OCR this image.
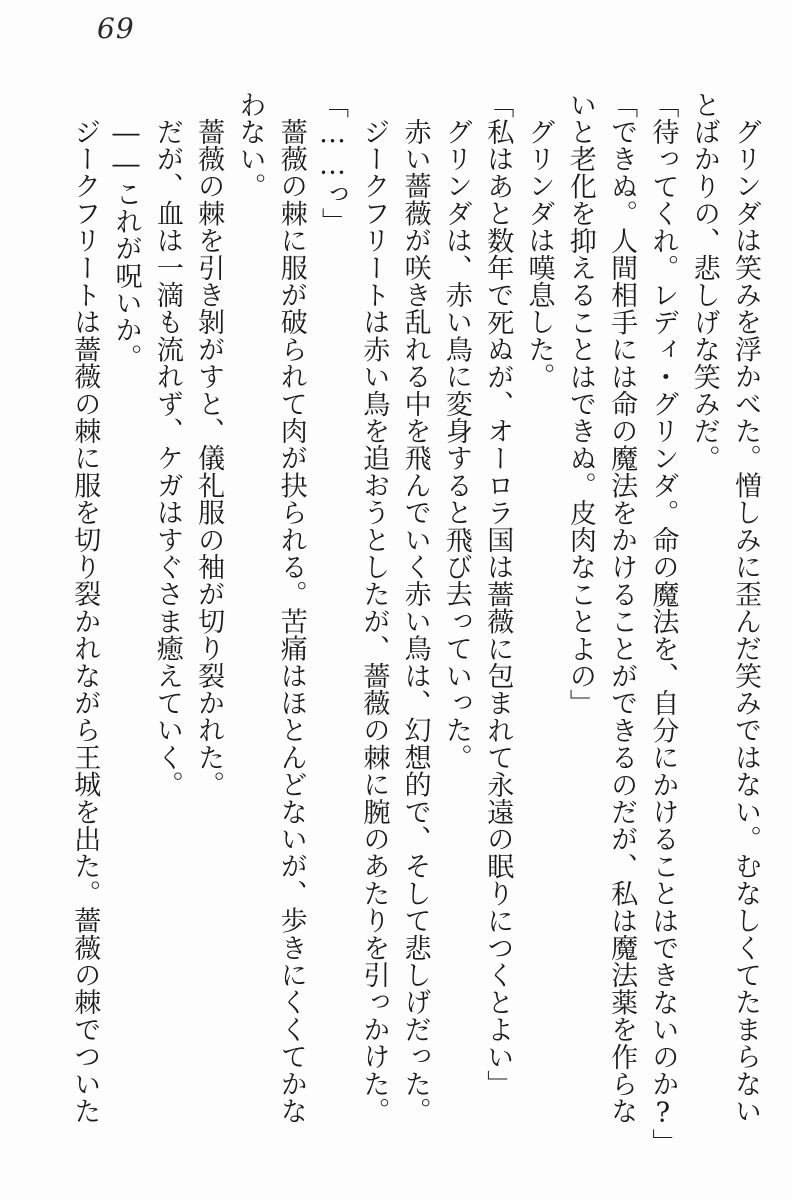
69
グリンダは笑みを浮かべた。憎しみに歪んだ笑みではない。むなしくてたまらない
とばかりの、悲しげな笑みだ。
「待ってくれ。レディ・グリンダ。命の魔法を、自分にかけることはできないのか?」
「できぬ。人間相手には命の魔法をかけることができるのだが、私は魔法薬を作らな
いと老化を抑えることはできぬ。皮肉なことよの」
グリンダは嘆息した。
「私はあと数年で死ぬが、オーロラ国は薔薇に包まれて永遠の眠りにつくとよい」
グリンダは、赤い鳥に変身すると飛び去っていった。
赤い薔薇が咲き乱れる中を飛んでいく赤い鳥は、幻想的で、そして悲しげだった。
ジークフリートは赤い鳥を追おうとしたが、薔薇の棘に腕のあたりを引っかけた。
「……っ」
薔薇の棘に服が破られて肉が抉られる。苦痛はほとんどないが、歩きにくくてかな
わない。
薔薇の棘を引き剝がすと、儀礼服の袖が切り裂かれた。
だが、血は一滴も流れず、ケガはすぐさま癒えていく。
――これが呪いか。
ジークフリートは薔薇の棘に服を切り裂かれながら王城を出た。薔薇の棘でついた
